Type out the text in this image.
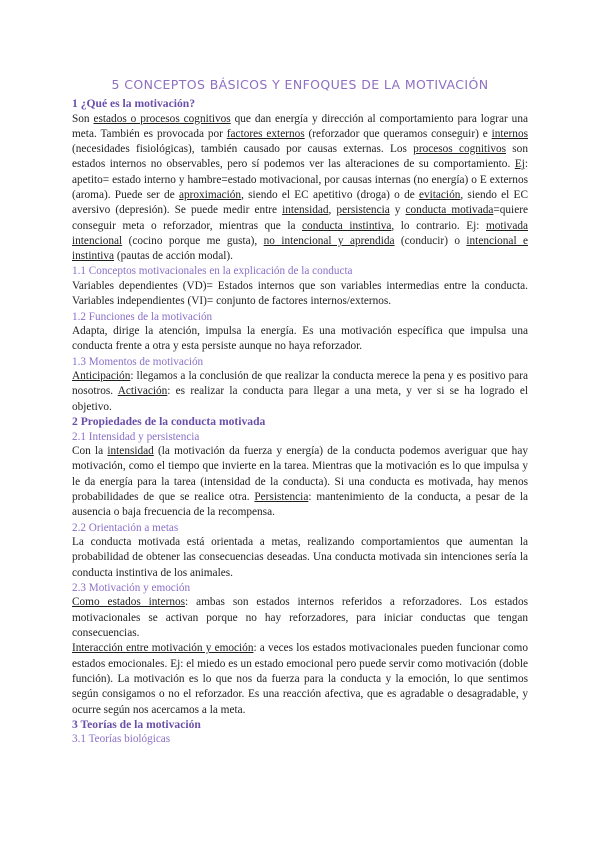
5 CONCEPTOS BÁSICOS Y ENFOQUES DE LA MOTIVACIÓN

1 ¿Qué es la motivación?

Son estados o procesos cognitivos que dan energía y dirección al comportamiento para lograr una meta. También es provocada por factores externos (reforzador que queramos conseguir) e internos (necesidades fisiológicas), también causado por causas externas. Los procesos cognitivos son estados internos no observables, pero sí podemos ver las alteraciones de su comportamiento. Ej: apetito= estado interno y hambre=estado motivacional, por causas internas (no energía) o E externos (aroma). Puede ser de aproximación, siendo el EC apetitivo (droga) o de evitación, siendo el EC aversivo (depresión). Se puede medir entre intensidad, persistencia y conducta motivada=quiere conseguir meta o reforzador, mientras que la conducta instintiva, lo contrario. Ej: motivada intencional (cocino porque me gusta), no intencional y aprendida (conducir) o intencional e instintiva (pautas de acción modal).

1.1 Conceptos motivacionales en la explicación de la conducta

Variables dependientes (VD)= Estados internos que son variables intermedias entre la conducta. Variables independientes (VI)= conjunto de factores internos/externos.

1.2 Funciones de la motivación

Adapta, dirige la atención, impulsa la energía. Es una motivación específica que impulsa una conducta frente a otra y esta persiste aunque no haya reforzador.

1.3 Momentos de motivación

Anticipación: llegamos a la conclusión de que realizar la conducta merece la pena y es positivo para nosotros. Activación: es realizar la conducta para llegar a una meta, y ver si se ha logrado el objetivo.

2 Propiedades de la conducta motivada

2.1 Intensidad y persistencia

Con la intensidad (la motivación da fuerza y energía) de la conducta podemos averiguar que hay motivación, como el tiempo que invierte en la tarea. Mientras que la motivación es lo que impulsa y le da energía para la tarea (intensidad de la conducta). Si una conducta es motivada, hay menos probabilidades de que se realice otra. Persistencia: mantenimiento de la conducta, a pesar de la ausencia o baja frecuencia de la recompensa.

2.2 Orientación a metas

La conducta motivada está orientada a metas, realizando comportamientos que aumentan la probabilidad de obtener las consecuencias deseadas. Una conducta motivada sin intenciones sería la conducta instintiva de los animales.

2.3 Motivación y emoción

Como estados internos: ambas son estados internos referidos a reforzadores. Los estados motivacionales se activan porque no hay reforzadores, para iniciar conductas que tengan consecuencias.

Interacción entre motivación y emoción: a veces los estados motivacionales pueden funcionar como estados emocionales. Ej: el miedo es un estado emocional pero puede servir como motivación (doble función). La motivación es lo que nos da fuerza para la conducta y la emoción, lo que sentimos según consigamos o no el reforzador. Es una reacción afectiva, que es agradable o desagradable, y ocurre según nos acercamos a la meta.

3 Teorías de la motivación

3.1 Teorías biológicas
